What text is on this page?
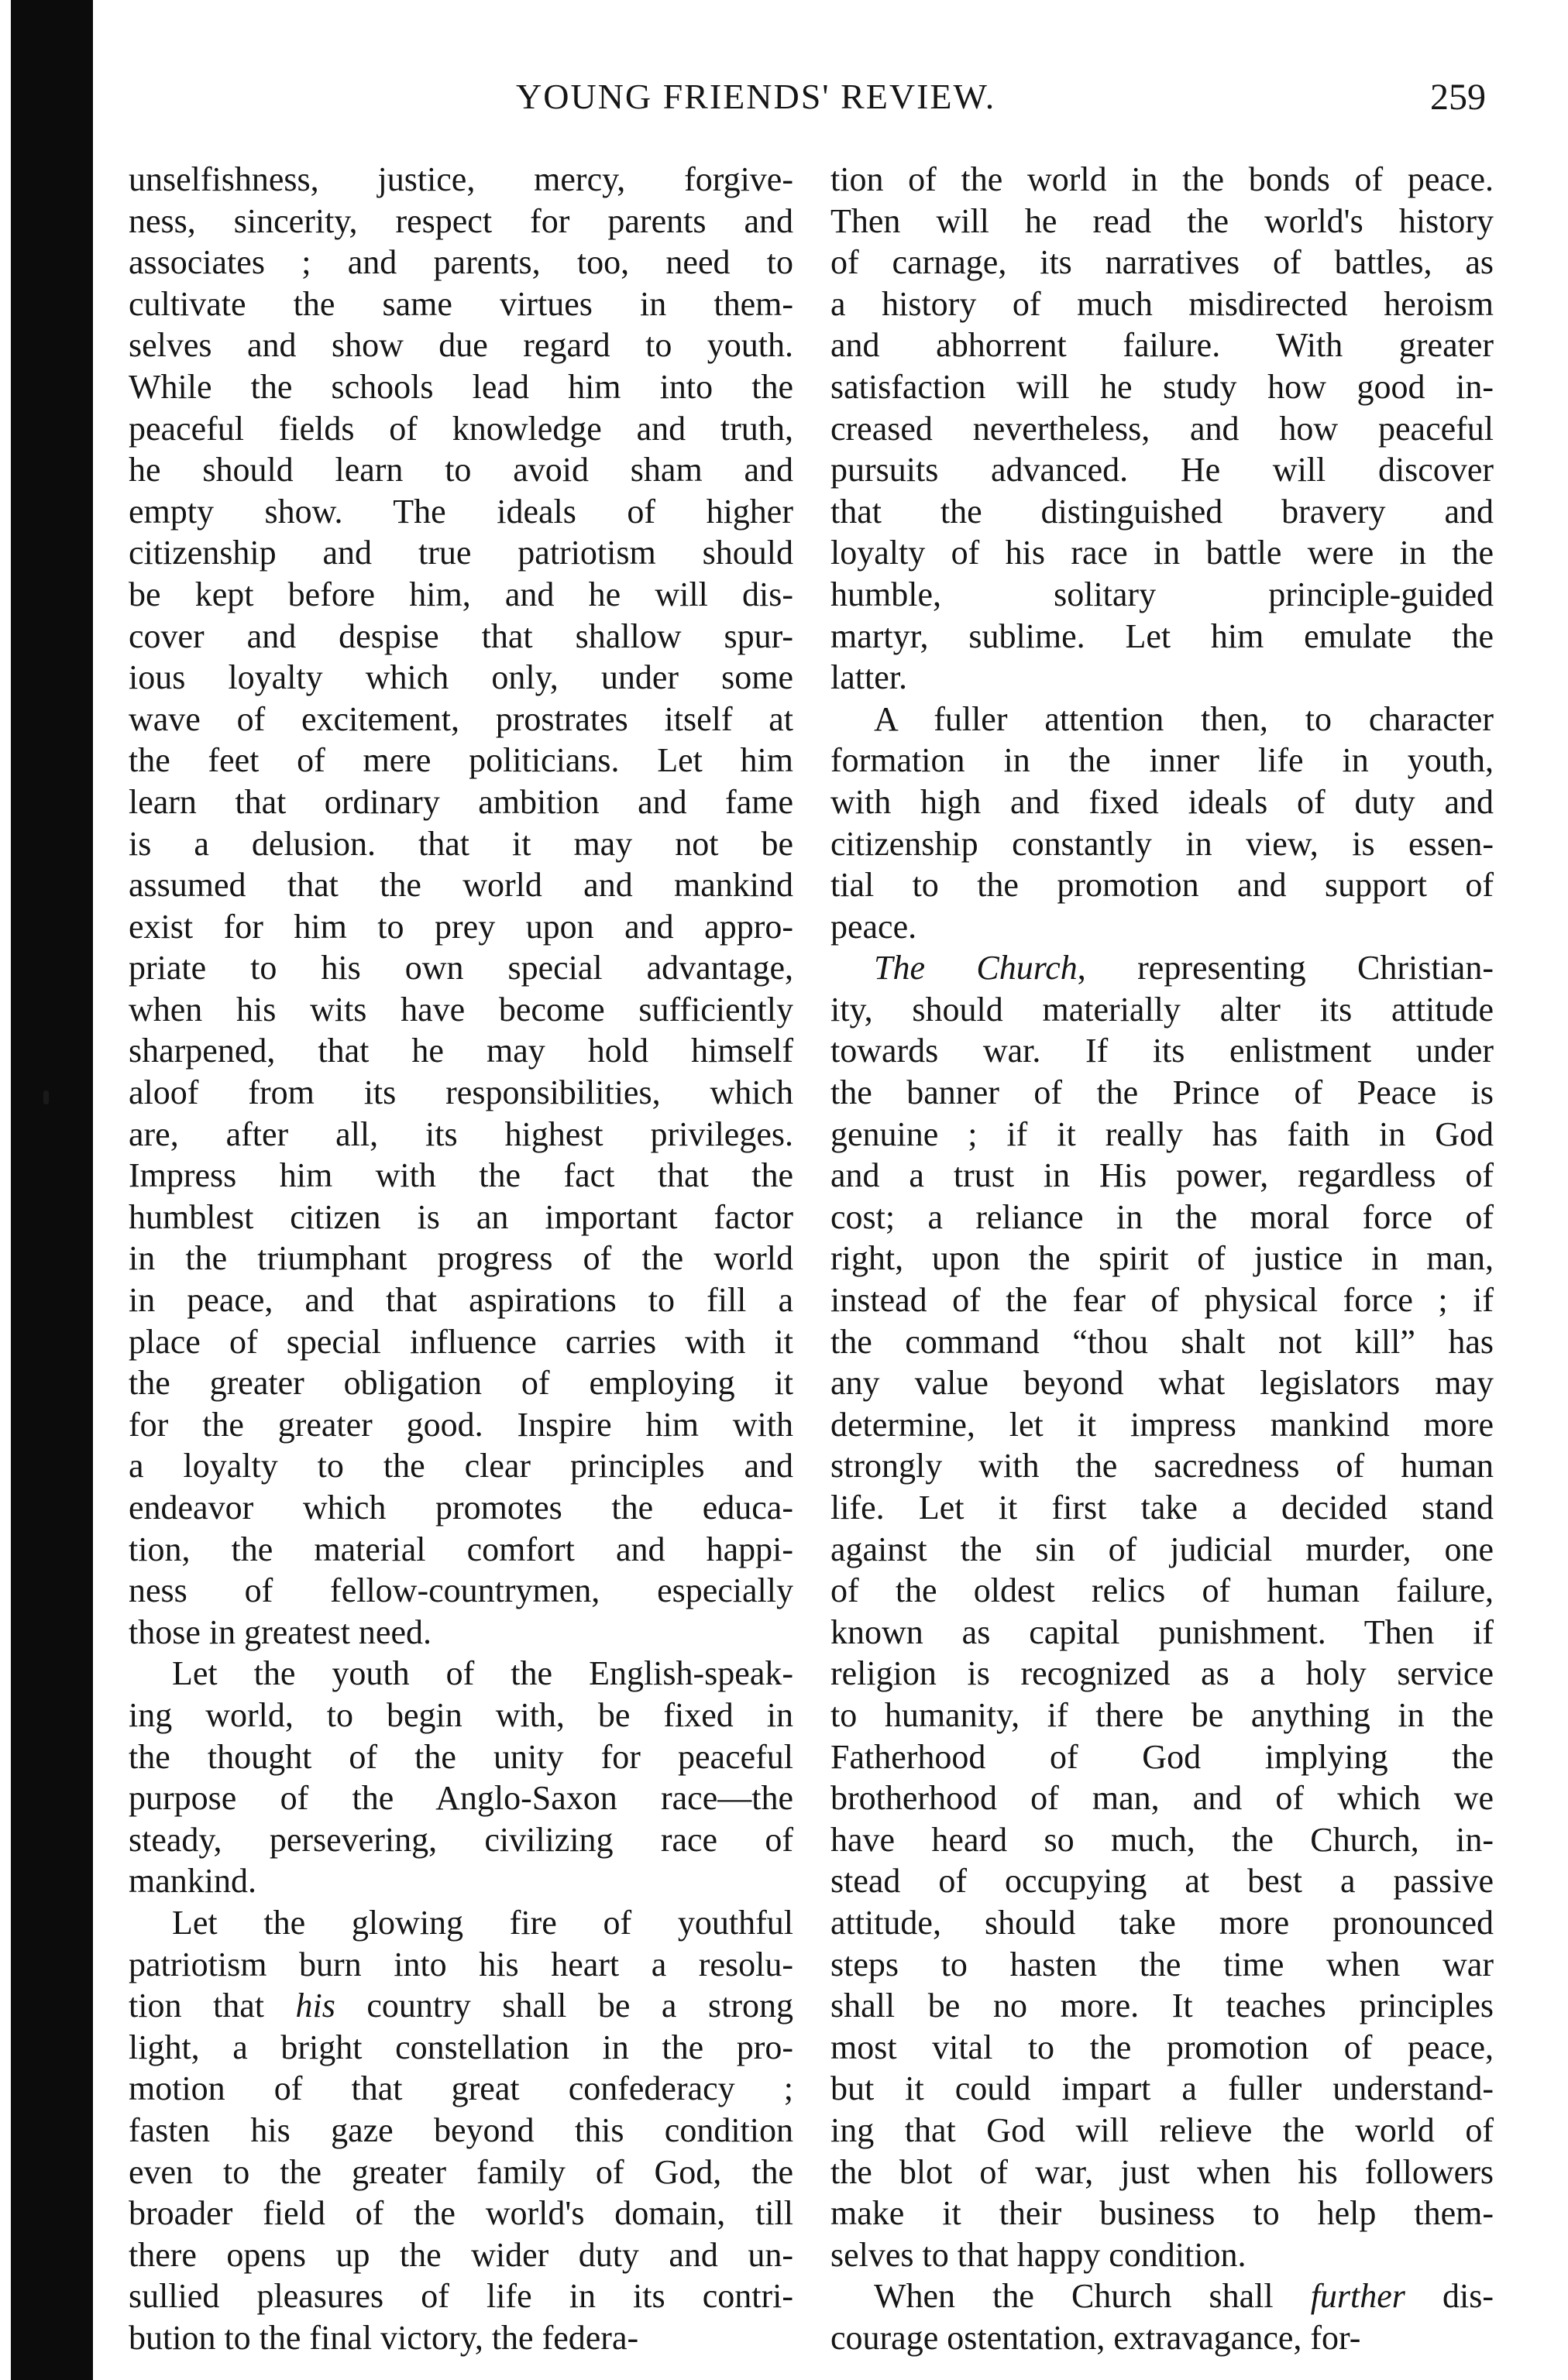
YOUNG FRIENDS' REVIEW.	259
unselfishness, justice, mercy, forgive-
ness, sincerity, respect for parents and
associates ; and parents, too, need to
cultivate the same virtues in them-
selves and show due regard to youth.
While the schools lead him into the
peaceful fields of knowledge and truth,
he should learn to avoid sham and
empty show. The ideals of higher
citizenship and true patriotism should
be kept before him, and he will dis-
cover and despise that shallow spur-
ious loyalty which only, under some
wave of excitement, prostrates itself at
the feet of mere politicians. Let him
learn that ordinary ambition and fame
is a delusion. that it may not be
assumed that the world and mankind
exist for him to prey upon and appro-
priate to his own special advantage,
when his wits have become sufficiently
sharpened, that he may hold himself
aloof from its responsibilities, which
are, after all, its highest privileges.
Impress him with the fact that the
humblest citizen is an important factor
in the triumphant progress of the world
in peace, and that aspirations to fill a
place of special influence carries with it
the greater obligation of employing it
for the greater good. Inspire him with
a loyalty to the clear principles and
endeavor which promotes the educa-
tion, the material comfort and happi-
ness of fellow-countrymen, especially
those in greatest need.
Let the youth of the English-speak-
ing world, to begin with, be fixed in
the thought of the unity for peaceful
purpose of the Anglo-Saxon race—the
steady, persevering, civilizing race of
mankind.
Let the glowing fire of youthful
patriotism burn into his heart a resolu-
tion that his country shall be a strong
light, a bright constellation in the pro-
motion of that great confederacy ;
fasten his gaze beyond this condition
even to the greater family of God, the
broader field of the world's domain, till
there opens up the wider duty and un-
sullied pleasures of life in its contri-
bution to the final victory, the federa-
tion of the world in the bonds of peace.
Then will he read the world's history
of carnage, its narratives of battles, as
a history of much misdirected heroism
and abhorrent failure. With greater
satisfaction will he study how good in-
creased nevertheless, and how peaceful
pursuits advanced. He will discover
that the distinguished bravery and
loyalty of his race in battle were in the
humble, solitary principle-guided
martyr, sublime. Let him emulate the
latter.
A fuller attention then, to character
formation in the inner life in youth,
with high and fixed ideals of duty and
citizenship constantly in view, is essen-
tial to the promotion and support of
peace.
The Church, representing Christian-
ity, should materially alter its attitude
towards war. If its enlistment under
the banner of the Prince of Peace is
genuine ; if it really has faith in God
and a trust in His power, regardless of
cost; a reliance in the moral force of
right, upon the spirit of justice in man,
instead of the fear of physical force ; if
the command “thou shalt not kill” has
any value beyond what legislators may
determine, let it impress mankind more
strongly with the sacredness of human
life. Let it first take a decided stand
against the sin of judicial murder, one
of the oldest relics of human failure,
known as capital punishment. Then if
religion is recognized as a holy service
to humanity, if there be anything in the
Fatherhood of God implying the
brotherhood of man, and of which we
have heard so much, the Church, in-
stead of occupying at best a passive
attitude, should take more pronounced
steps to hasten the time when war
shall be no more. It teaches principles
most vital to the promotion of peace,
but it could impart a fuller understand-
ing that God will relieve the world of
the blot of war, just when his followers
make it their business to help them-
selves to that happy condition.
When the Church shall further dis-
courage ostentation, extravagance, for-
